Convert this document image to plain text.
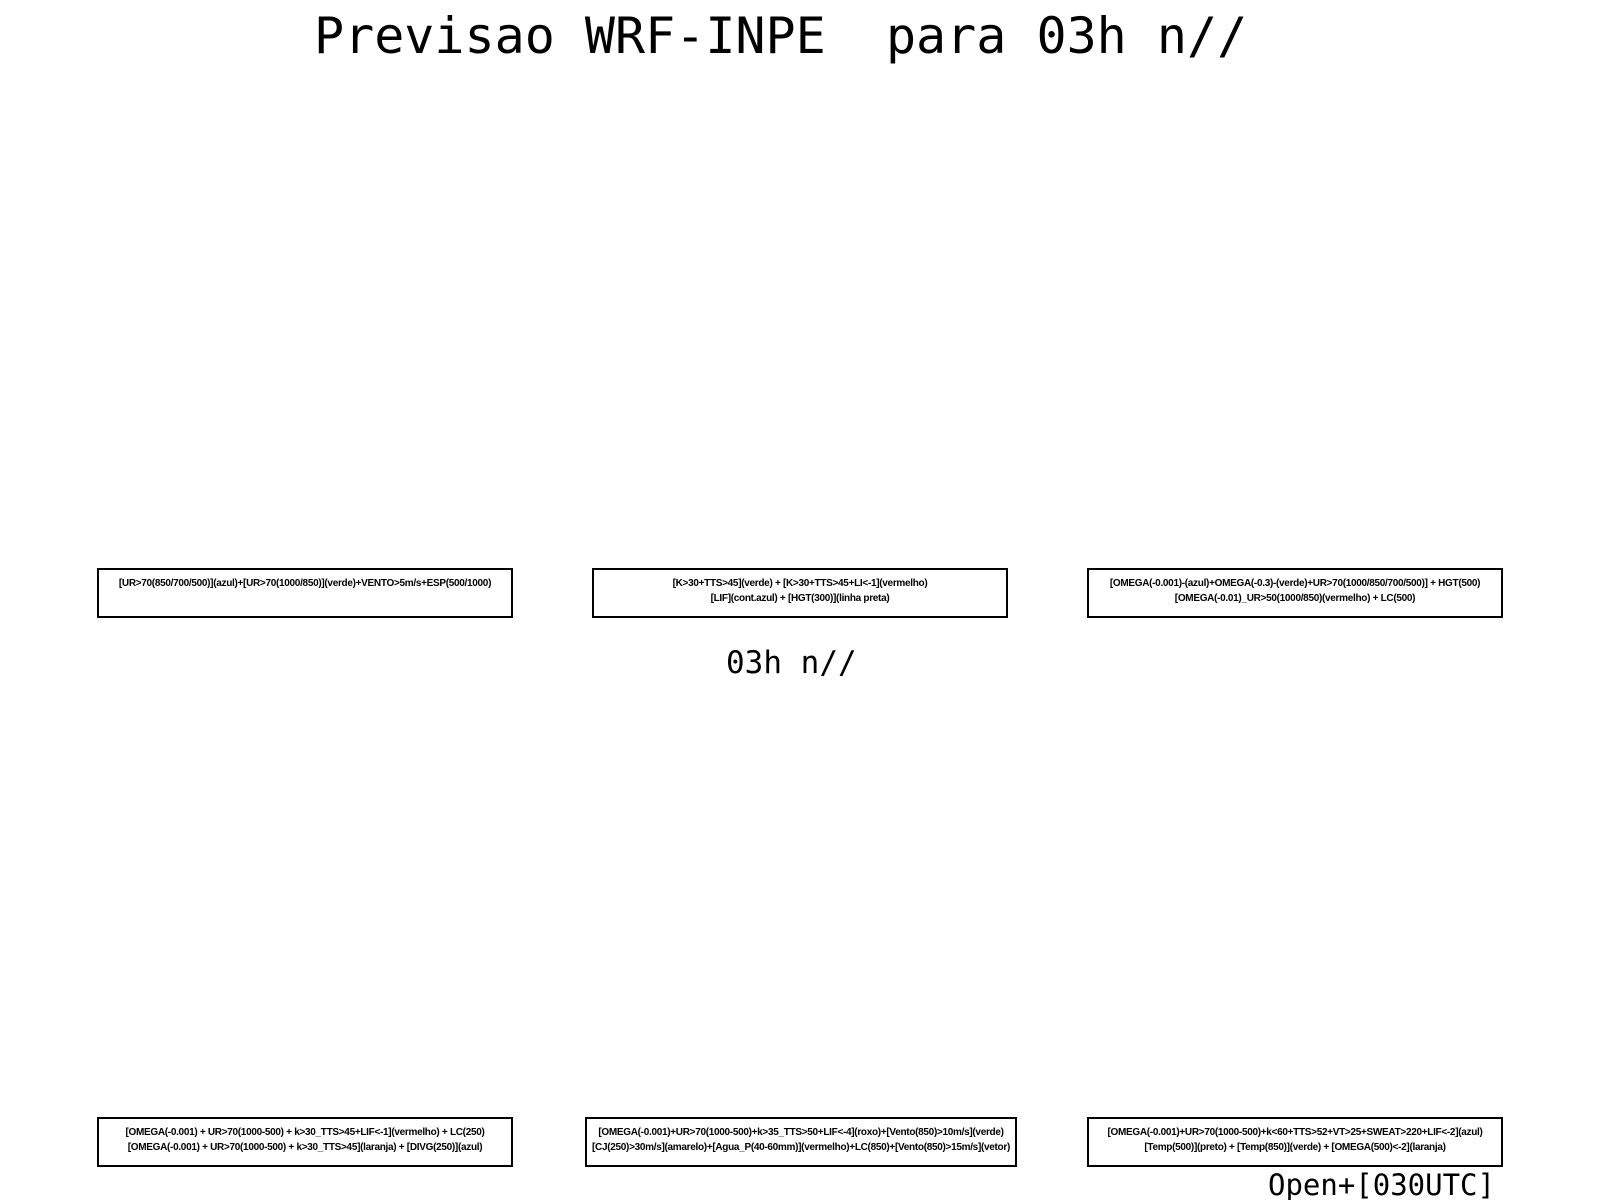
Previsao WRF-INPE  para 03h n//
[UR>70(850/700/500)](azul)+[UR>70(1000/850)](verde)+VENTO>5m/s+ESP(500/1000)	[K>30+TTS>45](verde) + [K>30+TTS>45+LI<-1](vermelho)
[LIF](cont.azul) + [HGT(300)](linha preta)
[OMEGA(-0.001)-(azul)+OMEGA(-0.3)-(verde)+UR>70(1000/850/700/500)] + HGT(500)
[OMEGA(-0.01)_UR>50(1000/850)(vermelho) + LC(500)
03h n//
[OMEGA(-0.001) + UR>70(1000-500) + k>30_TTS>45+LIF<-1](vermelho) + LC(250)
[OMEGA(-0.001) + UR>70(1000-500) + k>30_TTS>45](laranja) + [DIVG(250)](azul)
[OMEGA(-0.001)+UR>70(1000-500)+k>35_TTS>50+LIF<-4](roxo)+[Vento(850)>10m/s](verde)
[CJ(250)>30m/s](amarelo)+[Agua_P(40-60mm)](vermelho)+LC(850)+[Vento(850)>15m/s](vetor)
[OMEGA(-0.001)+UR>70(1000-500)+k<60+TTS>52+VT>25+SWEAT>220+LIF<-2](azul)
[Temp(500)](preto) + [Temp(850)](verde) + [OMEGA(500)<-2](laranja)
Open+[030UTC]
